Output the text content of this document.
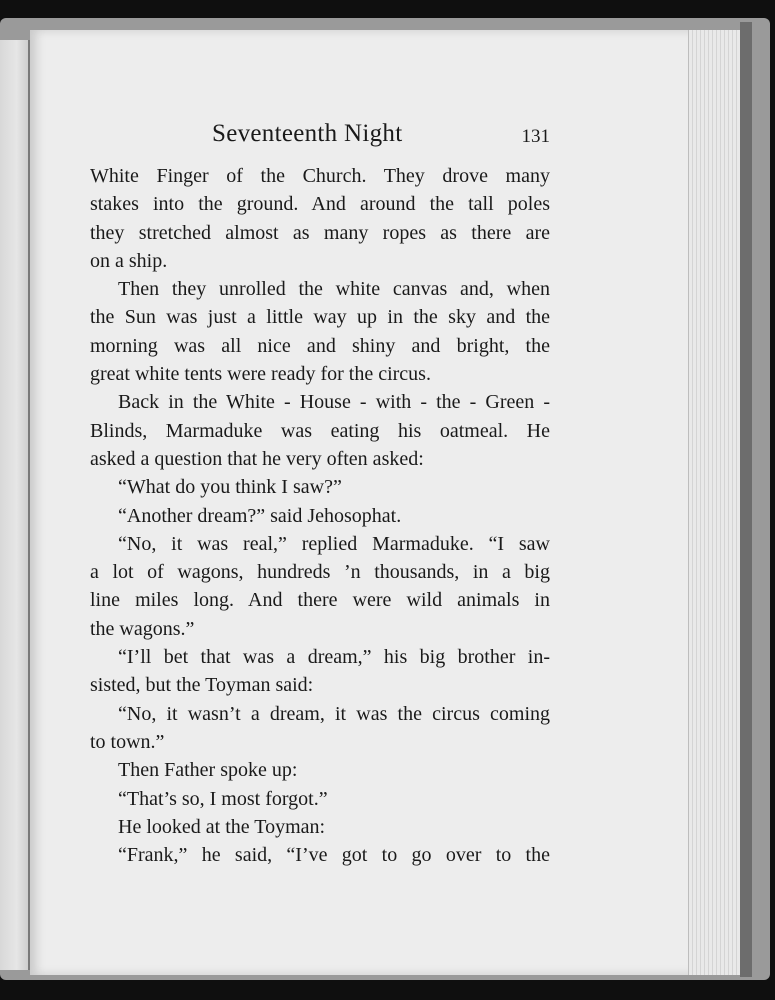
Seventeenth Night	131
White Finger of the Church. They drove many
stakes into the ground. And around the tall poles
they stretched almost as many ropes as there are
on a ship.
Then they unrolled the white canvas and, when
the Sun was just a little way up in the sky and the
morning was all nice and shiny and bright, the
great white tents were ready for the circus.
Back in the White - House - with - the - Green -
Blinds, Marmaduke was eating his oatmeal. He
asked a question that he very often asked:
“What do you think I saw?”
“Another dream?” said Jehosophat.
“No, it was real,” replied Marmaduke. “I saw
a lot of wagons, hundreds ’n thousands, in a big
line miles long. And there were wild animals in
the wagons.”
“I’ll bet that was a dream,” his big brother in-
sisted, but the Toyman said:
“No, it wasn’t a dream, it was the circus coming
to town.”
Then Father spoke up:
“That’s so, I most forgot.”
He looked at the Toyman:
“Frank,” he said, “I’ve got to go over to the
